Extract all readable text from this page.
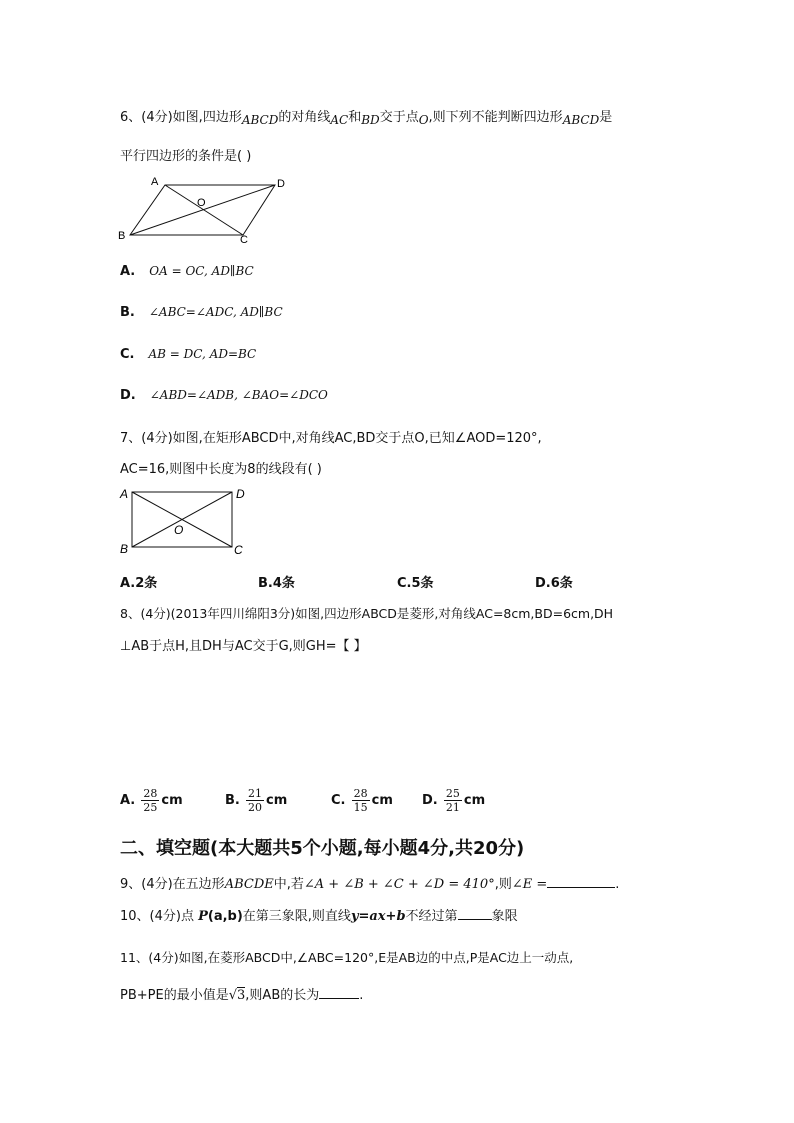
6、(4分)如图,四边形ABCD的对角线AC和BD交于点O,则下列不能判断四边形ABCD是
平行四边形的条件是( )
A	D
O
B	C
A. OA = OC, AD∥BC
B. ∠ABC=∠ADC, AD∥BC
C. AB = DC, AD=BC
D. ∠ABD=∠ADB, ∠BAO=∠DCO
7、(4分)如图,在矩形ABCD中,对角线AC,BD交于点O,已知∠AOD=120°,
AC=16,则图中长度为8的线段有( )
A	D
O
B	C
A.2条	B.4条	C.5条	D.6条
8、(4分)(2013年四川绵阳3分)如图,四边形ABCD是菱形,对角线AC=8cm,BD=6cm,DH
⊥AB于点H,且DH与AC交于G,则GH=【 】
A. $\frac{28}{25}$ cm	B. $\frac{21}{20}$ cm	C. $\frac{28}{15}$ cm D. $\frac{25}{21}$ cm
二、填空题(本大题共5个小题,每小题4分,共20分)
9、(4分)在五边形ABCDE中,若∠A + ∠B + ∠C + ∠D = 410°,则∠E =	.
10、(4分)点 P(a,b)在第三象限,则直线y=ax+b不经过第	象限
11、(4分)如图,在菱形ABCD中,∠ABC=120°,E是AB边的中点,P是AC边上一动点,
PB+PE的最小值是√3,则AB的长为	.
